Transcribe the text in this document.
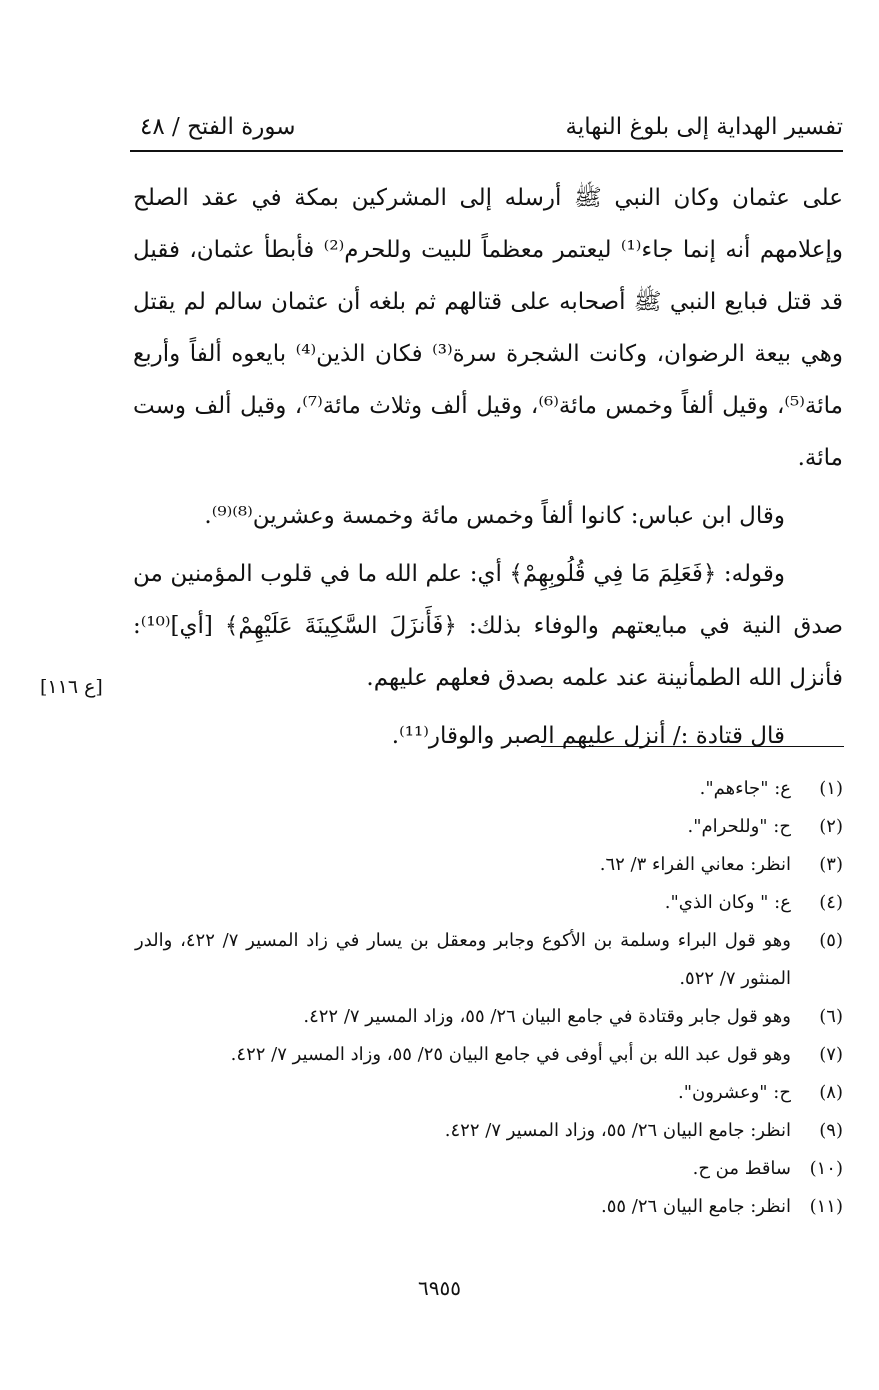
تفسير الهداية إلى بلوغ النهاية
سورة الفتح / ٤٨

على عثمان وكان النبي ﷺ أرسله إلى المشركين بمكة في عقد الصلح وإعلامهم أنه إنما جاء⁽¹⁾ ليعتمر معظماً للبيت وللحرم⁽²⁾ فأبطأ عثمان، فقيل قد قتل فبايع النبي ﷺ أصحابه على قتالهم ثم بلغه أن عثمان سالم لم يقتل وهي بيعة الرضوان، وكانت الشجرة سرة⁽³⁾ فكان الذين⁽⁴⁾ بايعوه ألفاً وأربع مائة⁽⁵⁾، وقيل ألفاً وخمس مائة⁽⁶⁾، وقيل ألف وثلاث مائة⁽⁷⁾، وقيل ألف وست مائة.

وقال ابن عباس: كانوا ألفاً وخمس مائة وخمسة وعشرين⁽⁸⁾⁽⁹⁾.

وقوله: ﴿فَعَلِمَ مَا فِي قُلُوبِهِمْ﴾ أي: علم الله ما في قلوب المؤمنين من صدق النية في مبايعتهم والوفاء بذلك: ﴿فَأَنزَلَ السَّكِينَةَ عَلَيْهِمْ﴾ [أي]⁽¹⁰⁾: فأنزل الله الطمأنينة عند علمه بصدق فعلهم عليهم.

قال قتادة :/ أنزل عليهم الصبر والوقار⁽¹¹⁾.

[ع ١١٦]
(١)
ع: "جاءهم".
(٢)
ح: "وللحرام".
(٣)
انظر: معاني الفراء ٣/ ٦٢.
(٤)
ع: " وكان الذي".
(٥)
وهو قول البراء وسلمة بن الأكوع وجابر ومعقل بن يسار في زاد المسير ٧/ ٤٢٢، والدر المنثور ٧/ ٥٢٢.
(٦)
وهو قول جابر وقتادة في جامع البيان ٢٦/ ٥٥، وزاد المسير ٧/ ٤٢٢.
(٧)
وهو قول عبد الله بن أبي أوفى في جامع البيان ٢٥/ ٥٥، وزاد المسير ٧/ ٤٢٢.
(٨)
ح: "وعشرون".
(٩)
انظر: جامع البيان ٢٦/ ٥٥، وزاد المسير ٧/ ٤٢٢.
(١٠)
ساقط من ح.
(١١)
انظر: جامع البيان ٢٦/ ٥٥.
٦٩٥٥
